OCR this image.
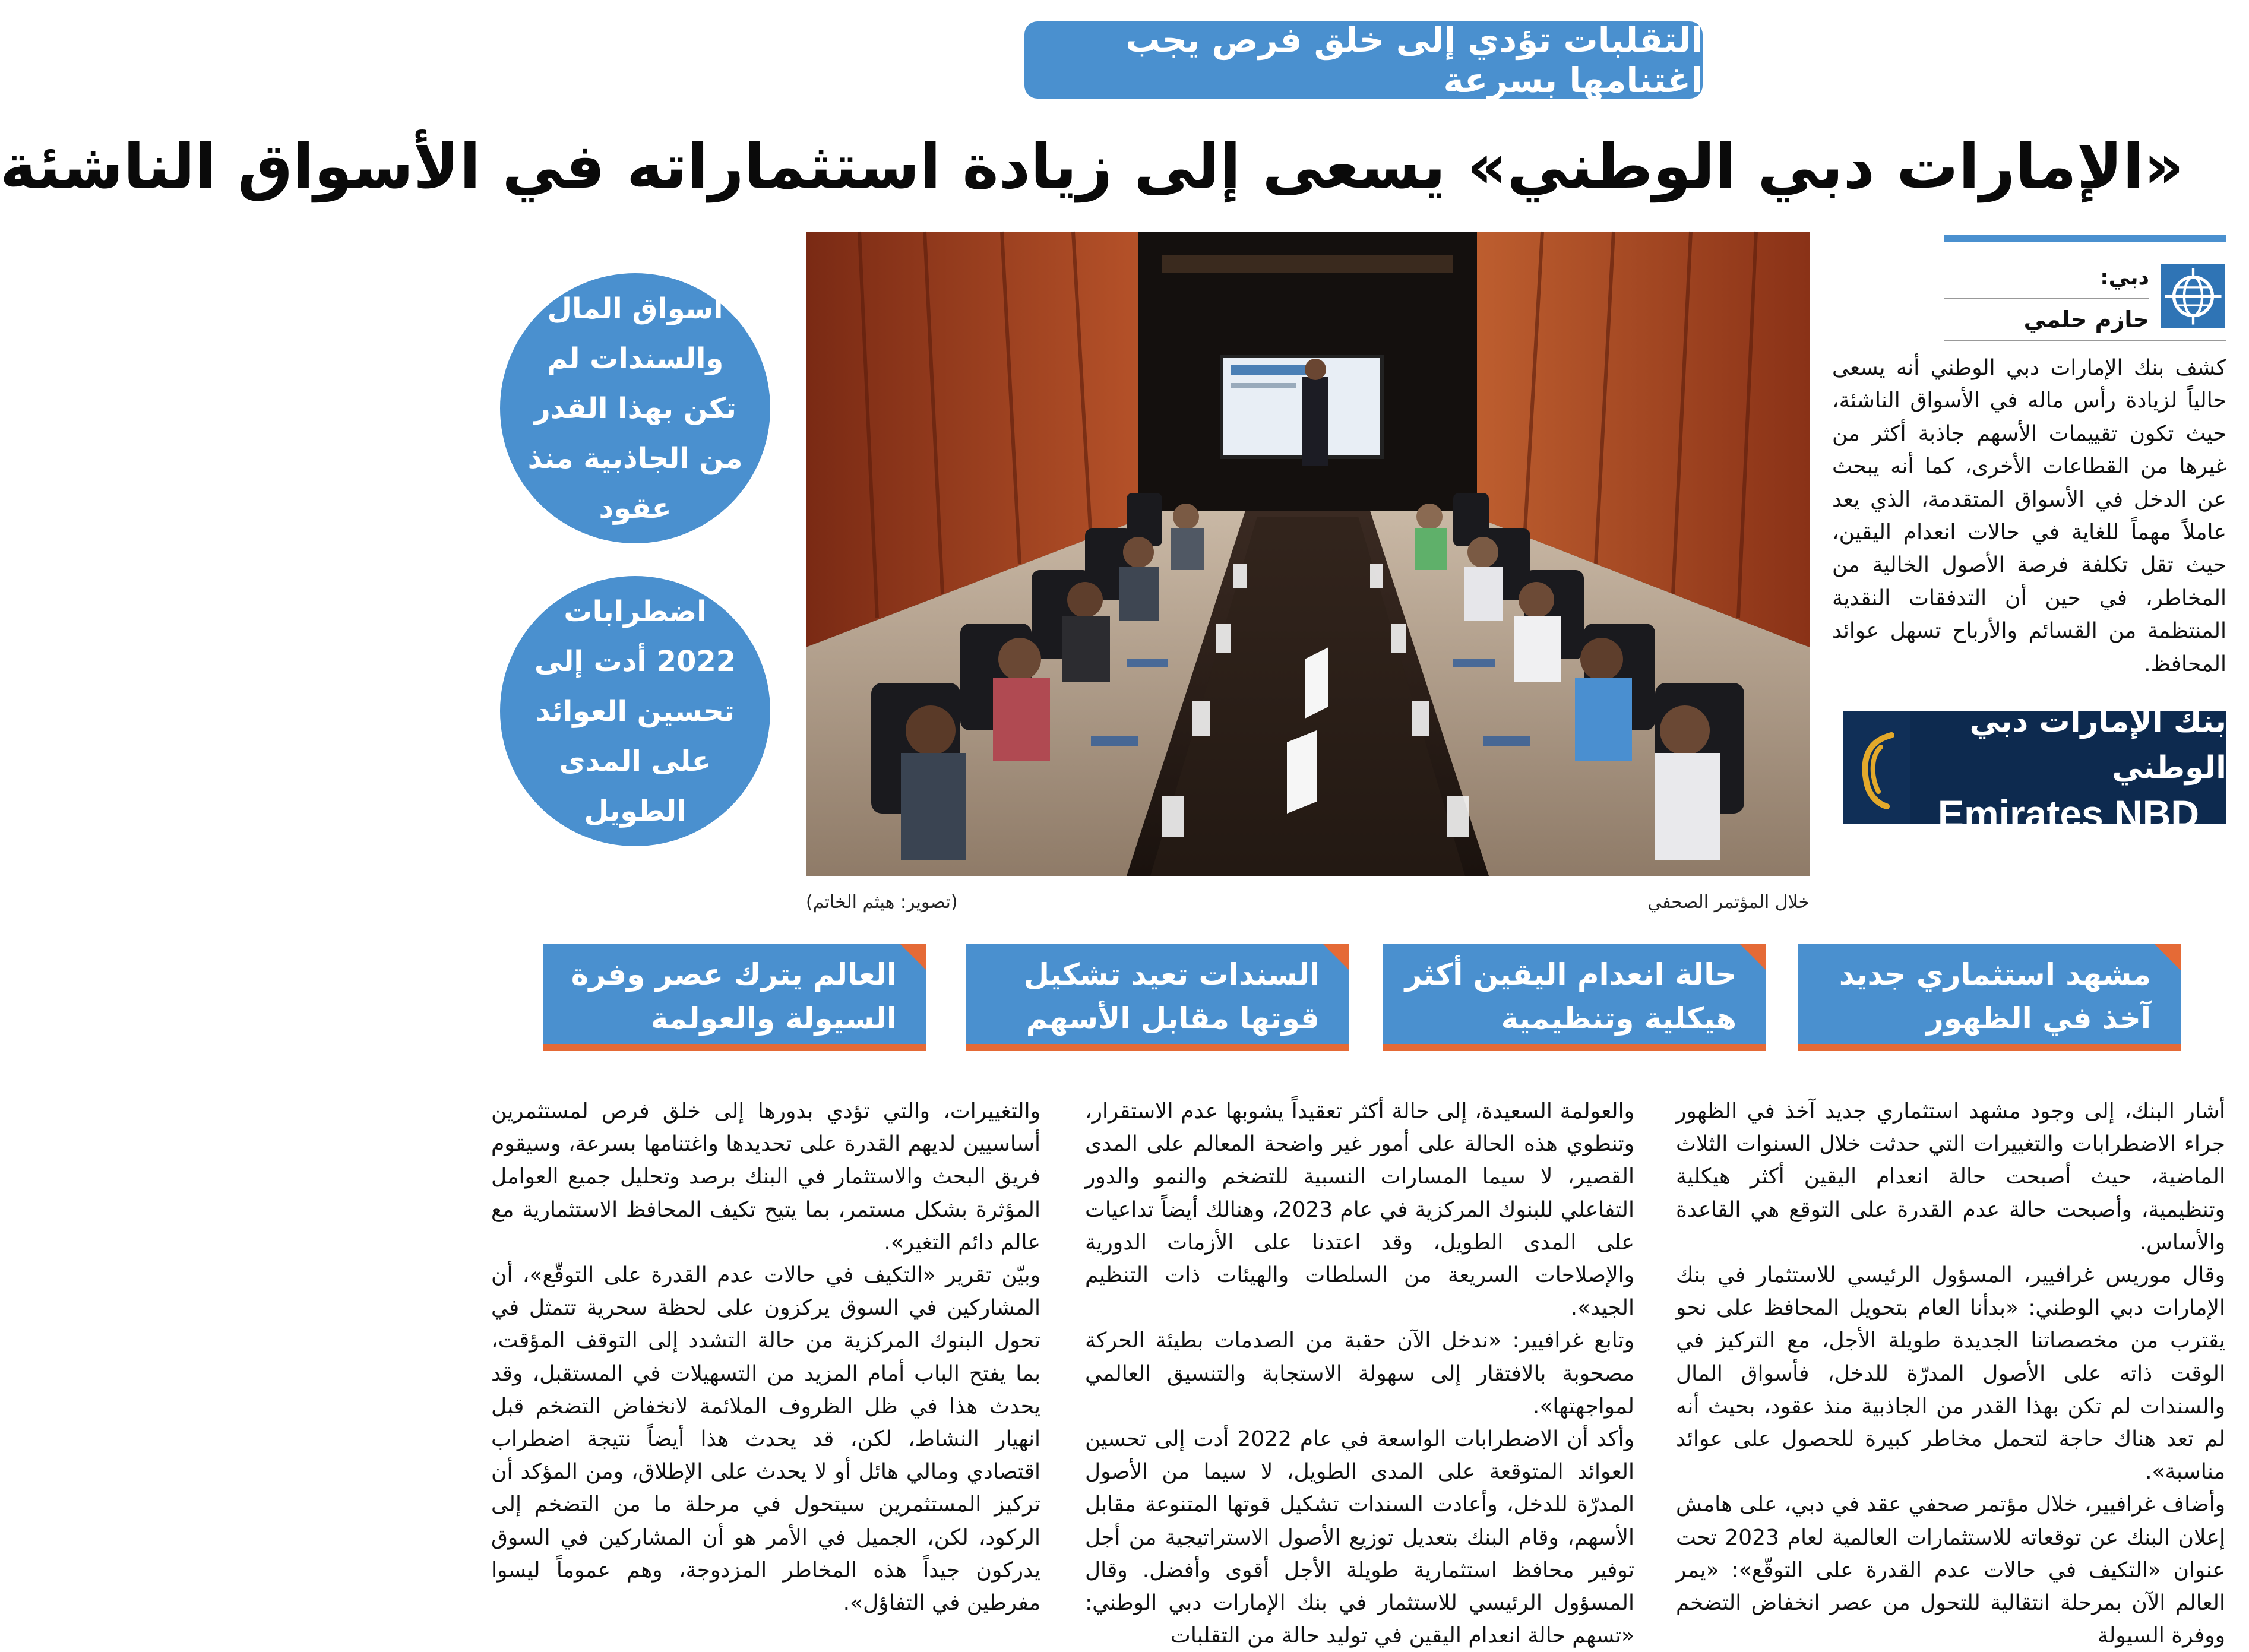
التقلبات تؤدي إلى خلق فرص يجب اغتنامها بسرعة
«الإمارات دبي الوطني» يسعى إلى زيادة استثماراته في الأسواق الناشئة
دبي:
حازم حلمي

كشف بنك الإمارات دبي الوطني أنه يسعى حالياً لزيادة رأس ماله في الأسواق الناشئة، حيث تكون تقييمات الأسهم جاذبة أكثر من غيرها من القطاعات الأخرى، كما أنه يبحث عن الدخل في الأسواق المتقدمة، الذي يعد عاملاً مهماً للغاية في حالات انعدام اليقين، حيث تقل تكلفة فرصة الأصول الخالية من المخاطر، في حين أن التدفقات النقدية المنتظمة من القسائم والأرباح تسهل عوائد المحافظ.

بنك الإمارات دبي الوطني
Emirates NBD
خلال المؤتمر الصحفي
(تصوير: هيثم الخاتم)
أسواق المال والسندات لم تكن بهذا القدر من الجاذبية منذ عقود
اضطرابات 2022 أدت إلى تحسين العوائد على المدى الطويل
مشهد استثماري جديد آخذ في الظهور
حالة انعدام اليقين أكثر هيكلية وتنظيمية
السندات تعيد تشكيل قوتها مقابل الأسهم
العالم يترك عصر وفرة السيولة والعولمة

أشار البنك، إلى وجود مشهد استثماري جديد آخذ في الظهور جراء الاضطرابات والتغييرات التي حدثت خلال السنوات الثلاث الماضية، حيث أصبحت حالة انعدام اليقين أكثر هيكلية وتنظيمية، وأصبحت حالة عدم القدرة على التوقع هي القاعدة والأساس.

وقال موريس غرافيير، المسؤول الرئيسي للاستثمار في بنك الإمارات دبي الوطني: «بدأنا العام بتحويل المحافظ على نحو يقترب من مخصصاتنا الجديدة طويلة الأجل، مع التركيز في الوقت ذاته على الأصول المدرّة للدخل، فأسواق المال والسندات لم تكن بهذا القدر من الجاذبية منذ عقود، بحيث أنه لم تعد هناك حاجة لتحمل مخاطر كبيرة للحصول على عوائد مناسبة».

وأضاف غرافيير، خلال مؤتمر صحفي عقد في دبي، على هامش إعلان البنك عن توقعاته للاستثمارات العالمية لعام 2023 تحت عنوان «التكيف في حالات عدم القدرة على التوقّع»: «يمر العالم الآن بمرحلة انتقالية للتحول من عصر انخفاض التضخم ووفرة السيولة

والعولمة السعيدة، إلى حالة أكثر تعقيداً يشوبها عدم الاستقرار، وتنطوي هذه الحالة على أمور غير واضحة المعالم على المدى القصير، لا سيما المسارات النسبية للتضخم والنمو والدور التفاعلي للبنوك المركزية في عام 2023، وهنالك أيضاً تداعيات على المدى الطويل، وقد اعتدنا على الأزمات الدورية والإصلاحات السريعة من السلطات والهيئات ذات التنظيم الجيد».

وتابع غرافيير: «ندخل الآن حقبة من الصدمات بطيئة الحركة مصحوبة بالافتقار إلى سهولة الاستجابة والتنسيق العالمي لمواجهتها».

وأكد أن الاضطرابات الواسعة في عام 2022 أدت إلى تحسين العوائد المتوقعة على المدى الطويل، لا سيما من الأصول المدرّة للدخل، وأعادت السندات تشكيل قوتها المتنوعة مقابل الأسهم، وقام البنك بتعديل توزيع الأصول الاستراتيجية من أجل توفير محافظ استثمارية طويلة الأجل أقوى وأفضل. وقال المسؤول الرئيسي للاستثمار في بنك الإمارات دبي الوطني: «تسهم حالة انعدام اليقين في توليد حالة من التقلبات

والتغييرات، والتي تؤدي بدورها إلى خلق فرص لمستثمرين أساسيين لديهم القدرة على تحديدها واغتنامها بسرعة، وسيقوم فريق البحث والاستثمار في البنك برصد وتحليل جميع العوامل المؤثرة بشكل مستمر، بما يتيح تكيف المحافظ الاستثمارية مع عالم دائم التغير».

وبيّن تقرير «التكيف في حالات عدم القدرة على التوقّع»، أن المشاركين في السوق يركزون على لحظة سحرية تتمثل في تحول البنوك المركزية من حالة التشدد إلى التوقف المؤقت، بما يفتح الباب أمام المزيد من التسهيلات في المستقبل، وقد يحدث هذا في ظل الظروف الملائمة لانخفاض التضخم قبل انهيار النشاط، لكن، قد يحدث هذا أيضاً نتيجة اضطراب اقتصادي ومالي هائل أو لا يحدث على الإطلاق، ومن المؤكد أن تركيز المستثمرين سيتحول في مرحلة ما من التضخم إلى الركود، لكن، الجميل في الأمر هو أن المشاركين في السوق يدركون جيداً هذه المخاطر المزدوجة، وهم عموماً ليسوا مفرطين في التفاؤل».
